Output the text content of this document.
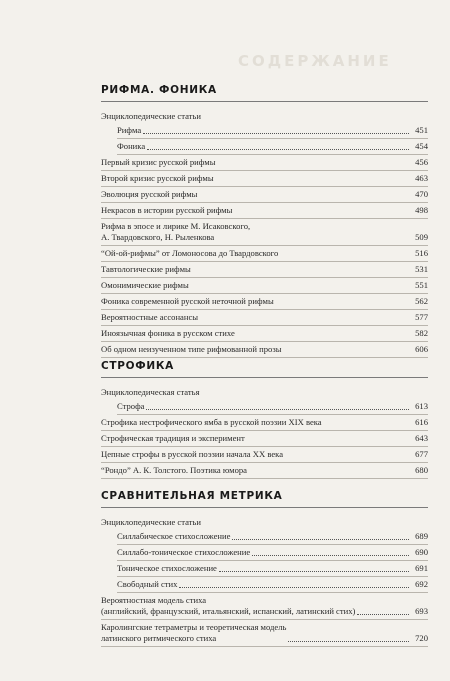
СОДЕРЖАНИЕ
РИФМА. ФОНИКА
Энциклопедические статьи
Рифма	451
Фоника	454
Первый кризис русской рифмы	456
Второй кризис русской рифмы	463
Эволюция русской рифмы	470
Некрасов в истории русской рифмы	498
Рифма в эпосе и лирике М. Исаковского,
А. Твардовского, Н. Рыленкова	509
“Ой-ой-рифмы” от Ломоносова до Твардовского	516
Тавтологические рифмы	531
Омонимические рифмы	551
Фоника современной русской неточной рифмы	562
Вероятностные ассонансы	577
Иноязычная фоника в русском стихе	582
Об одном неизученном типе рифмованной прозы	606
СТРОФИКА
Энциклопедическая статья
Строфа	613
Строфика нестрофического ямба в русской поэзии XIX века	616
Строфическая традиция и эксперимент	643
Цепные строфы в русской поэзии начала XX века	677
“Рондо” А. К. Толстого. Поэтика юмора	680
СРАВНИТЕЛЬНАЯ МЕТРИКА
Энциклопедические статьи
Силлабическое стихосложение	689
Силлабо-тоническое стихосложение	690
Тоническое стихосложение	691
Свободный стих	692
Вероятностная модель стиха
(английский, французский, итальянский, испанский, латинский стих)	693
Каролингские тетраметры и теоретическая модель
латинского ритмического стиха	720
